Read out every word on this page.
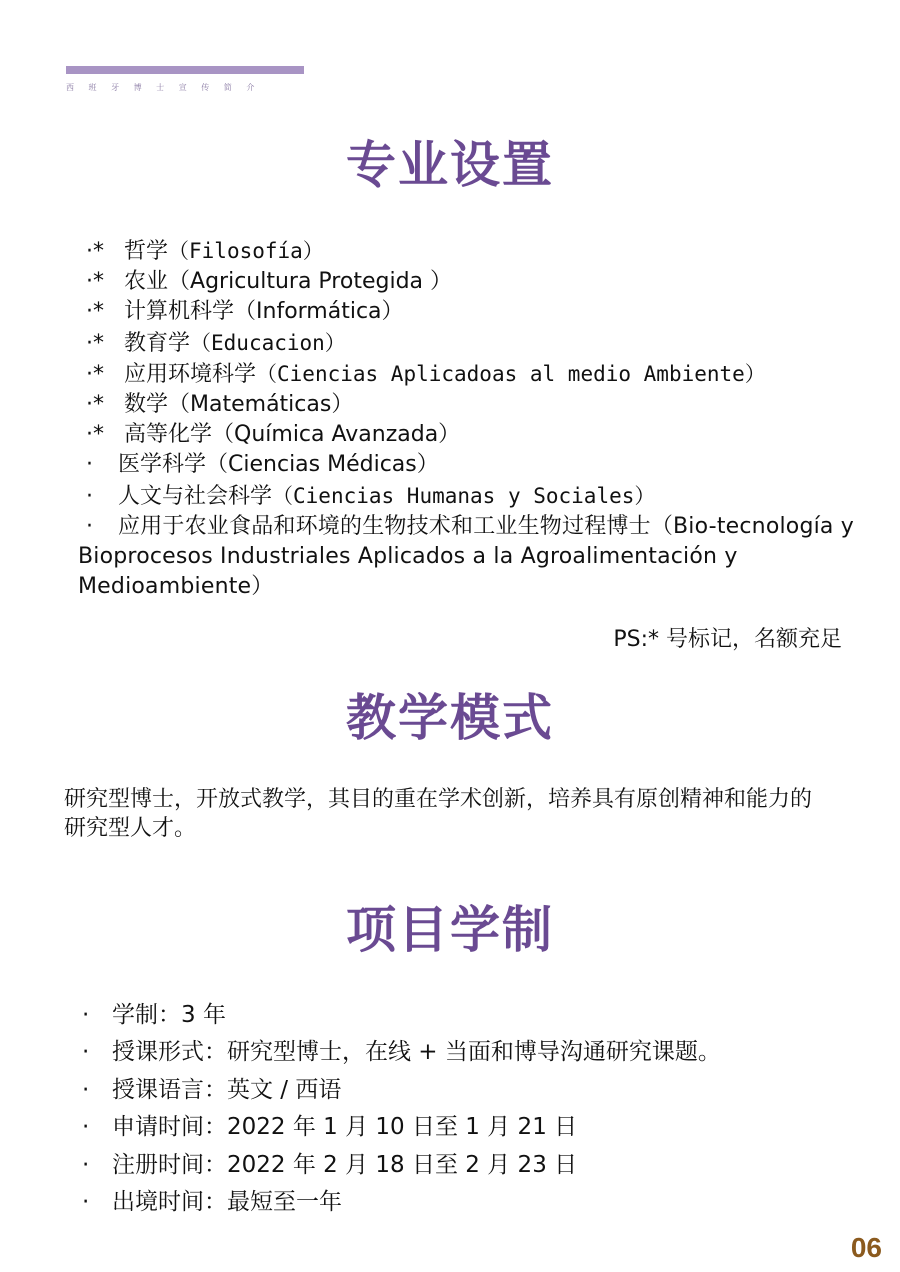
西 班 牙 博 士 宣 传 简 介
专业设置
·* 哲学（Filosofía）
·* 农业（Agricultura Protegida ）
·* 计算机科学（Informática）
·* 教育学（Educacion）
·* 应用环境科学（Ciencias Aplicadoas al medio Ambiente）
·* 数学（Matemáticas）
·* 高等化学（Química Avanzada）
· 医学科学（Ciencias Médicas）
· 人文与社会科学（Ciencias Humanas y Sociales）
· 应用于农业食品和环境的生物技术和工业生物过程博士（Bio-tecnología y Bioprocesos Industriales Aplicados a la Agroalimentación y Medioambiente）
PS:* 号标记，名额充足
教学模式

研究型博士，开放式教学，其目的重在学术创新，培养具有原创精神和能力的研究型人才。

项目学制
· 学制：3 年
· 授课形式：研究型博士，在线 + 当面和博导沟通研究课题。
· 授课语言：英文 / 西语
· 申请时间：2022 年 1 月 10 日至 1 月 21 日
· 注册时间：2022 年 2 月 18 日至 2 月 23 日
· 出境时间：最短至一年
06
